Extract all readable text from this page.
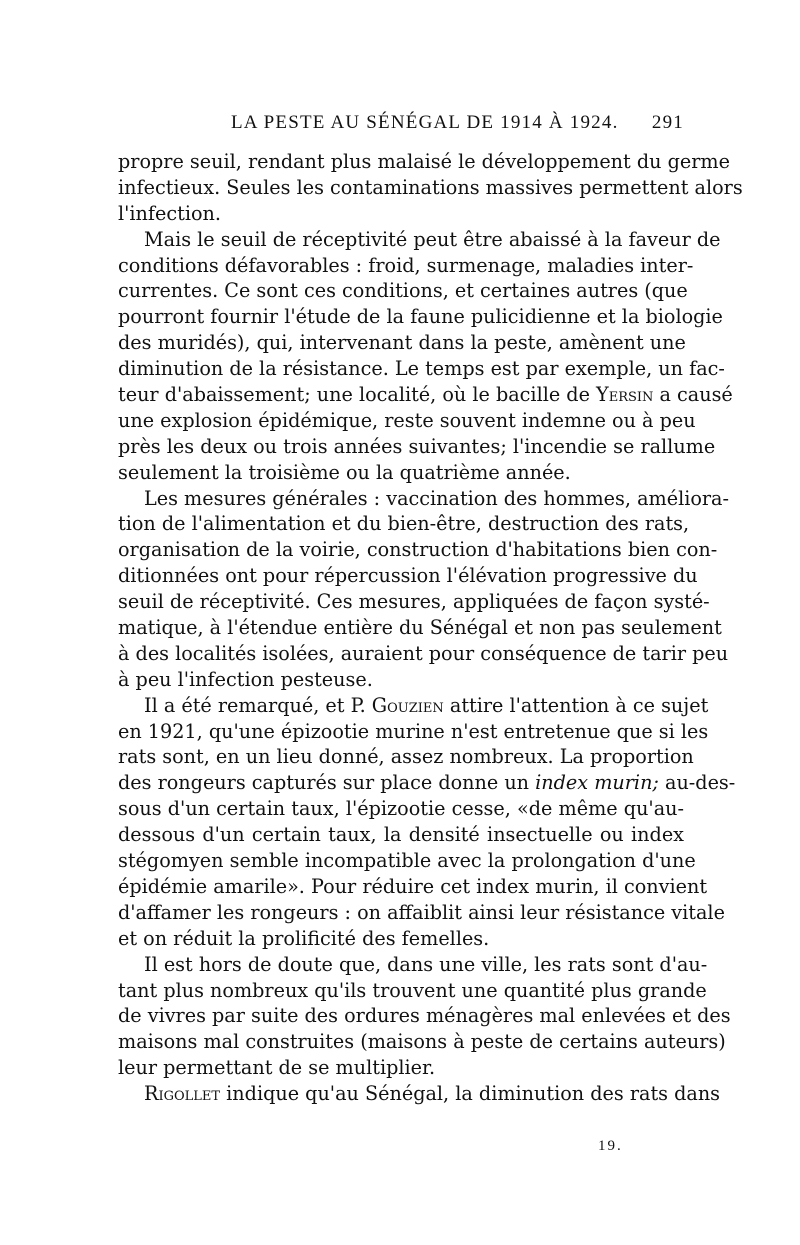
LA PESTE AU SÉNÉGAL DE 1914 À 1924. 291
propre seuil, rendant plus malaisé le développement du germe
infectieux. Seules les contaminations massives permettent alors
l'infection.
Mais le seuil de réceptivité peut être abaissé à la faveur de
conditions défavorables : froid, surmenage, maladies inter-
currentes. Ce sont ces conditions, et certaines autres (que
pourront fournir l'étude de la faune pulicidienne et la biologie
des muridés), qui, intervenant dans la peste, amènent une
diminution de la résistance. Le temps est par exemple, un fac-
teur d'abaissement; une localité, où le bacille de Yersin a causé
une explosion épidémique, reste souvent indemne ou à peu
près les deux ou trois années suivantes; l'incendie se rallume
seulement la troisième ou la quatrième année.
Les mesures générales : vaccination des hommes, améliora-
tion de l'alimentation et du bien-être, destruction des rats,
organisation de la voirie, construction d'habitations bien con-
ditionnées ont pour répercussion l'élévation progressive du
seuil de réceptivité. Ces mesures, appliquées de façon systé-
matique, à l'étendue entière du Sénégal et non pas seulement
à des localités isolées, auraient pour conséquence de tarir peu
à peu l'infection pesteuse.
Il a été remarqué, et P. Gouzien attire l'attention à ce sujet
en 1921, qu'une épizootie murine n'est entretenue que si les
rats sont, en un lieu donné, assez nombreux. La proportion
des rongeurs capturés sur place donne un index murin; au-des-
sous d'un certain taux, l'épizootie cesse, «de même qu'au-
dessous d'un certain taux, la densité insectuelle ou index
stégomyen semble incompatible avec la prolongation d'une
épidémie amarile». Pour réduire cet index murin, il convient
d'affamer les rongeurs : on affaiblit ainsi leur résistance vitale
et on réduit la prolificité des femelles.
Il est hors de doute que, dans une ville, les rats sont d'au-
tant plus nombreux qu'ils trouvent une quantité plus grande
de vivres par suite des ordures ménagères mal enlevées et des
maisons mal construites (maisons à peste de certains auteurs)
leur permettant de se multiplier.
Rigollet indique qu'au Sénégal, la diminution des rats dans
19.
